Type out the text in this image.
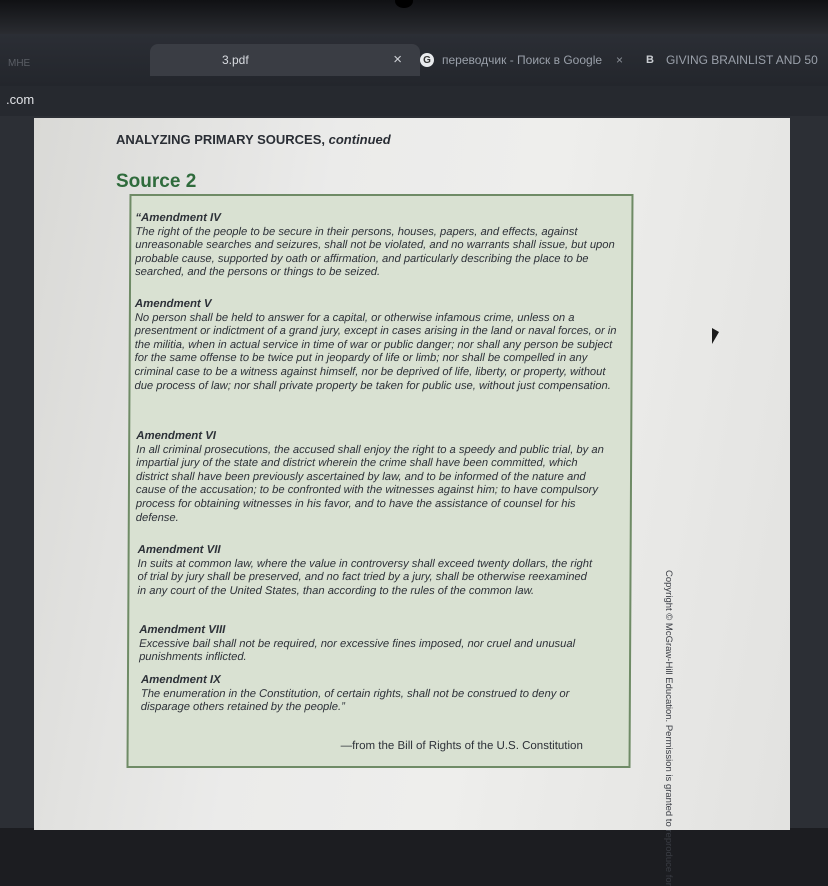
MHE	3.pdf	×	G переводчик - Поиск в Google × B GIVING BRAINLIST AND 50
.com
ANALYZING PRIMARY SOURCES, continued
Source 2
“Amendment IV
The right of the people to be secure in their persons, houses, papers, and effects, against unreasonable searches and seizures, shall not be violated, and no warrants shall issue, but upon probable cause, supported by oath or affirmation, and particularly describing the place to be searched, and the persons or things to be seized.
Amendment V
No person shall be held to answer for a capital, or otherwise infamous crime, unless on a presentment or indictment of a grand jury, except in cases arising in the land or naval forces, or in the militia, when in actual service in time of war or public danger; nor shall any person be subject for the same offense to be twice put in jeopardy of life or limb; nor shall be compelled in any criminal case to be a witness against himself, nor be deprived of life, liberty, or property, without due process of law; nor shall private property be taken for public use, without just compensation.
Amendment VI
In all criminal prosecutions, the accused shall enjoy the right to a speedy and public trial, by an impartial jury of the state and district wherein the crime shall have been committed, which district shall have been previously ascertained by law, and to be informed of the nature and cause of the accusation; to be confronted with the witnesses against him; to have compulsory process for obtaining witnesses in his favor, and to have the assistance of counsel for his defense.
Amendment VII
In suits at common law, where the value in controversy shall exceed twenty dollars, the right of trial by jury shall be preserved, and no fact tried by a jury, shall be otherwise reexamined in any court of the United States, than according to the rules of the common law.
Amendment VIII
Excessive bail shall not be required, nor excessive fines imposed, nor cruel and unusual punishments inflicted.
Amendment IX
The enumeration in the Constitution, of certain rights, shall not be construed to deny or disparage others retained by the people.”
—from the Bill of Rights of the U.S. Constitution	Copyright © McGraw-Hill Education. Permission is granted to reproduce for
